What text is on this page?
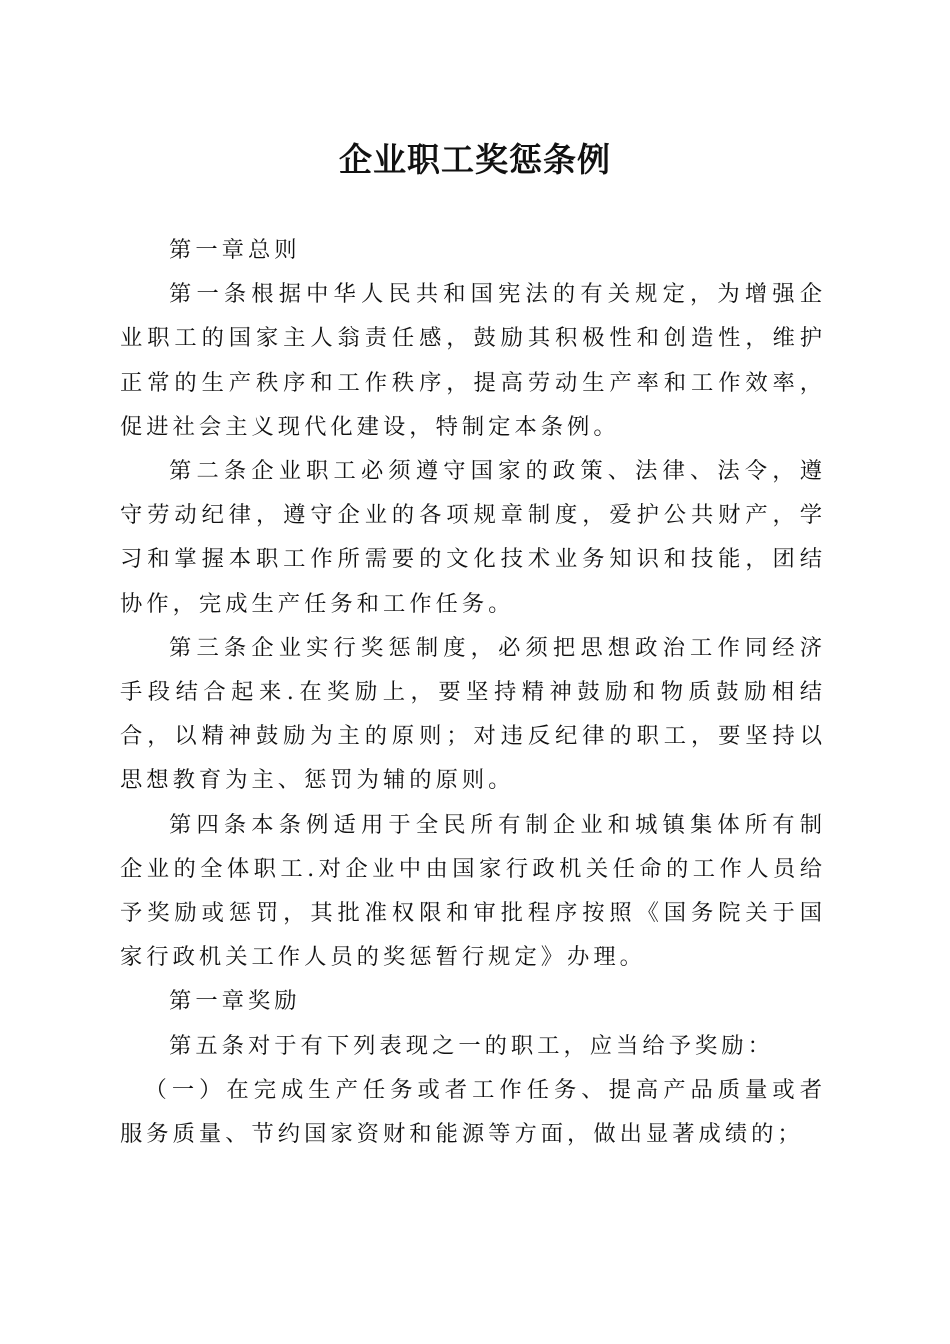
企业职工奖惩条例

第一章总则

第一条根据中华人民共和国宪法的有关规定，为增强企业职工的国家主人翁责任感，鼓励其积极性和创造性，维护正常的生产秩序和工作秩序，提高劳动生产率和工作效率，促进社会主义现代化建设，特制定本条例。

第二条企业职工必须遵守国家的政策、法律、法令，遵守劳动纪律，遵守企业的各项规章制度，爱护公共财产，学习和掌握本职工作所需要的文化技术业务知识和技能，团结协作，完成生产任务和工作任务。

第三条企业实行奖惩制度，必须把思想政治工作同经济手段结合起来.在奖励上，要坚持精神鼓励和物质鼓励相结合，以精神鼓励为主的原则；对违反纪律的职工，要坚持以思想教育为主、惩罚为辅的原则。

第四条本条例适用于全民所有制企业和城镇集体所有制企业的全体职工.对企业中由国家行政机关任命的工作人员给予奖励或惩罚，其批准权限和审批程序按照《国务院关于国家行政机关工作人员的奖惩暂行规定》办理。

第一章奖励

第五条对于有下列表现之一的职工，应当给予奖励：

（一）在完成生产任务或者工作任务、提高产品质量或者服务质量、节约国家资财和能源等方面，做出显著成绩的；
